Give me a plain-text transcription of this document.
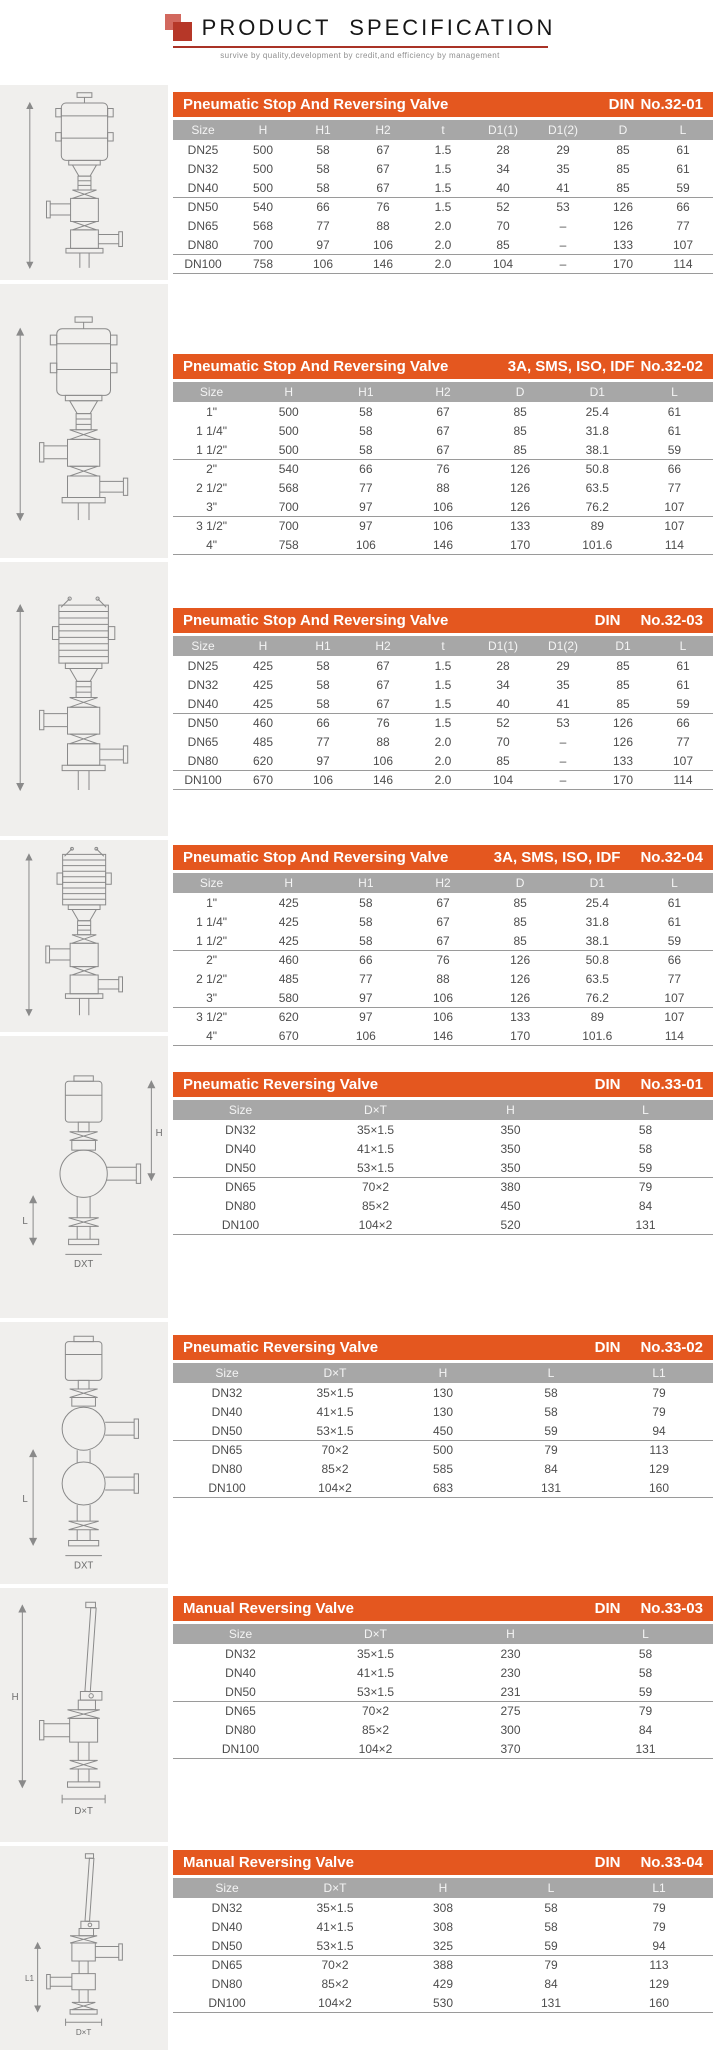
PRODUCT  SPECIFICATION
survive by quality,development by credit,and efficiency by management
Pneumatic Stop And Reversing Valve	DIN No.32-01
Size	H	H1	H2	t	D1(1)	D1(2)	D	L
DN25	500	58	67	1.5	28	29	85	61
DN32	500	58	67	1.5	34	35	85	61
DN40	500	58	67	1.5	40	41	85	59
DN50	540	66	76	1.5	52	53	126	66
DN65	568	77	88	2.0	70	–	126	77
DN80	700	97	106	2.0	85	–	133	107
DN100	758	106	146	2.0	104	–	170	114
Pneumatic Stop And Reversing Valve	3A, SMS, ISO, IDF No.32-02
Size	H	H1	H2	D	D1	L
1"	500	58	67	85	25.4	61
1 1/4"	500	58	67	85	31.8	61
1 1/2"	500	58	67	85	38.1	59
2"	540	66	76	126	50.8	66
2 1/2"	568	77	88	126	63.5	77
3"	700	97	106	126	76.2	107
3 1/2"	700	97	106	133	89	107
4"	758	106	146	170	101.6	114
Pneumatic Stop And Reversing Valve	DIN No.32-03
Size	H	H1	H2	t	D1(1)	D1(2)	D1	L
DN25	425	58	67	1.5	28	29	85	61
DN32	425	58	67	1.5	34	35	85	61
DN40	425	58	67	1.5	40	41	85	59
DN50	460	66	76	1.5	52	53	126	66
DN65	485	77	88	2.0	70	–	126	77
DN80	620	97	106	2.0	85	–	133	107
DN100	670	106	146	2.0	104	–	170	114
Pneumatic Stop And Reversing Valve	3A, SMS, ISO, IDF No.32-04
Size	H	H1	H2	D	D1	L
1"	425	58	67	85	25.4	61
1 1/4"	425	58	67	85	31.8	61
1 1/2"	425	58	67	85	38.1	59
2"	460	66	76	126	50.8	66
2 1/2"	485	77	88	126	63.5	77
3"	580	97	106	126	76.2	107
3 1/2"	620	97	106	133	89	107
4"	670	106	146	170	101.6	114
H
L
DXT
Pneumatic Reversing Valve	DIN No.33-01
Size	D×T	H	L
DN32	35×1.5	350	58
DN40	41×1.5	350	58
DN50	53×1.5	350	59
DN65	70×2	380	79
DN80	85×2	450	84
DN100	104×2	520	131
L
DXT
Pneumatic Reversing Valve	DIN No.33-02
Size	D×T	H	L	L1
DN32	35×1.5	130	58	79
DN40	41×1.5	130	58	79
DN50	53×1.5	450	59	94
DN65	70×2	500	79	113
DN80	85×2	585	84	129
DN100	104×2	683	131	160
H
D×T
Manual Reversing Valve	DIN No.33-03
Size	D×T	H	L
DN32	35×1.5	230	58
DN40	41×1.5	230	58
DN50	53×1.5	231	59
DN65	70×2	275	79
DN80	85×2	300	84
DN100	104×2	370	131
L1
D×T
Manual Reversing Valve	DIN No.33-04
Size	D×T	H	L	L1
DN32	35×1.5	308	58	79
DN40	41×1.5	308	58	79
DN50	53×1.5	325	59	94
DN65	70×2	388	79	113
DN80	85×2	429	84	129
DN100	104×2	530	131	160
